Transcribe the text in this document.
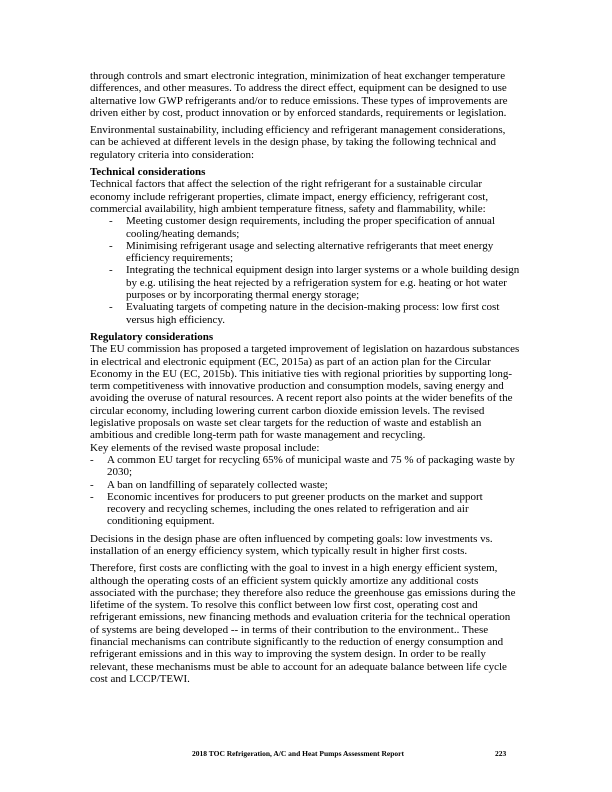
through controls and smart electronic integration, minimization of heat exchanger temperature differences, and other measures. To address the direct effect, equipment can be designed to use alternative low GWP refrigerants and/or to reduce emissions. These types of improvements are driven either by cost, product innovation or by enforced standards, requirements or legislation.

Environmental sustainability, including efficiency and refrigerant management considerations, can be achieved at different levels in the design phase, by taking the following technical and regulatory criteria into consideration:

Technical considerations
Technical factors that affect the selection of the right refrigerant for a sustainable circular economy include refrigerant properties, climate impact, energy efficiency, refrigerant cost, commercial availability, high ambient temperature fitness, safety and flammability, while:
- Meeting customer design requirements, including the proper specification of annual cooling/heating demands;
- Minimising refrigerant usage and selecting alternative refrigerants that meet energy efficiency requirements;
- Integrating the technical equipment design into larger systems or a whole building design by e.g. utilising the heat rejected by a refrigeration system for e.g. heating or hot water purposes or by incorporating thermal energy storage;
- Evaluating targets of competing nature in the decision-making process: low first cost versus high efficiency.
Regulatory considerations
The EU commission has proposed a targeted improvement of legislation on hazardous substances in electrical and electronic equipment (EC, 2015a) as part of an action plan for the Circular Economy in the EU (EC, 2015b). This initiative ties with regional priorities by supporting long-term competitiveness with innovative production and consumption models, saving energy and avoiding the overuse of natural resources. A recent report also points at the wider benefits of the circular economy, including lowering current carbon dioxide emission levels. The revised legislative proposals on waste set clear targets for the reduction of waste and establish an ambitious and credible long-term path for waste management and recycling.
Key elements of the revised waste proposal include:
- A common EU target for recycling 65% of municipal waste and 75 % of packaging waste by 2030;
- A ban on landfilling of separately collected waste;
- Economic incentives for producers to put greener products on the market and support recovery and recycling schemes, including the ones related to refrigeration and air conditioning equipment.

Decisions in the design phase are often influenced by competing goals: low investments vs. installation of an energy efficiency system, which typically result in higher first costs.

Therefore, first costs are conflicting with the goal to invest in a high energy efficient system, although the operating costs of an efficient system quickly amortize any additional costs associated with the purchase; they therefore also reduce the greenhouse gas emissions during the lifetime of the system. To resolve this conflict between low first cost, operating cost and refrigerant emissions, new financing methods and evaluation criteria for the technical operation of systems are being developed -- in terms of their contribution to the environment.. These financial mechanisms can contribute significantly to the reduction of energy consumption and refrigerant emissions and in this way to improving the system design. In order to be really relevant, these mechanisms must be able to account for an adequate balance between life cycle cost and LCCP/TEWI.

2018 TOC Refrigeration, A/C and Heat Pumps Assessment Report	223
